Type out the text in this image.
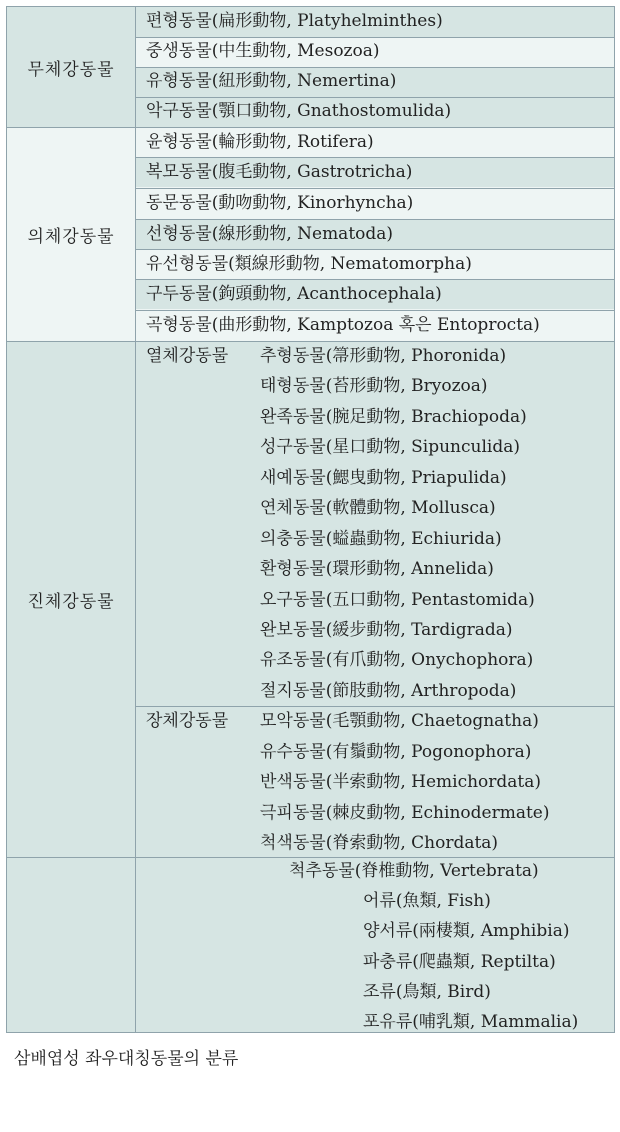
무체강동물
의체강동물
진체강동물
편형동물(扁形動物, Platyhelminthes)
중생동물(中生動物, Mesozoa)
유형동물(紐形動物, Nemertina)
악구동물(顎口動物, Gnathostomulida)
윤형동물(輪形動物, Rotifera)
복모동물(腹毛動物, Gastrotricha)
동문동물(動吻動物, Kinorhyncha)
선형동물(線形動物, Nematoda)
유선형동물(類線形動物, Nematomorpha)
구두동물(鉤頭動物, Acanthocephala)
곡형동물(曲形動物, Kamptozoa 혹은 Entoprocta)
열체강동물 추형동물(箒形動物, Phoronida)
태형동물(苔形動物, Bryozoa)
완족동물(腕足動物, Brachiopoda)
성구동물(星口動物, Sipunculida)
새예동물(鰓曳動物, Priapulida)
연체동물(軟體動物, Mollusca)
의충동물(螠蟲動物, Echiurida)
환형동물(環形動物, Annelida)
오구동물(五口動物, Pentastomida)
완보동물(緩步動物, Tardigrada)
유조동물(有爪動物, Onychophora)
절지동물(節肢動物, Arthropoda)
장체강동물 모악동물(毛顎動物, Chaetognatha)
유수동물(有鬚動物, Pogonophora)
반색동물(半索動物, Hemichordata)
극피동물(棘皮動物, Echinodermate)
척색동물(脊索動物, Chordata)
척추동물(脊椎動物, Vertebrata)
어류(魚類, Fish)
양서류(兩棲類, Amphibia)
파충류(爬蟲類, Reptilta)
조류(鳥類, Bird)
포유류(哺乳類, Mammalia)
삼배엽성 좌우대칭동물의 분류
